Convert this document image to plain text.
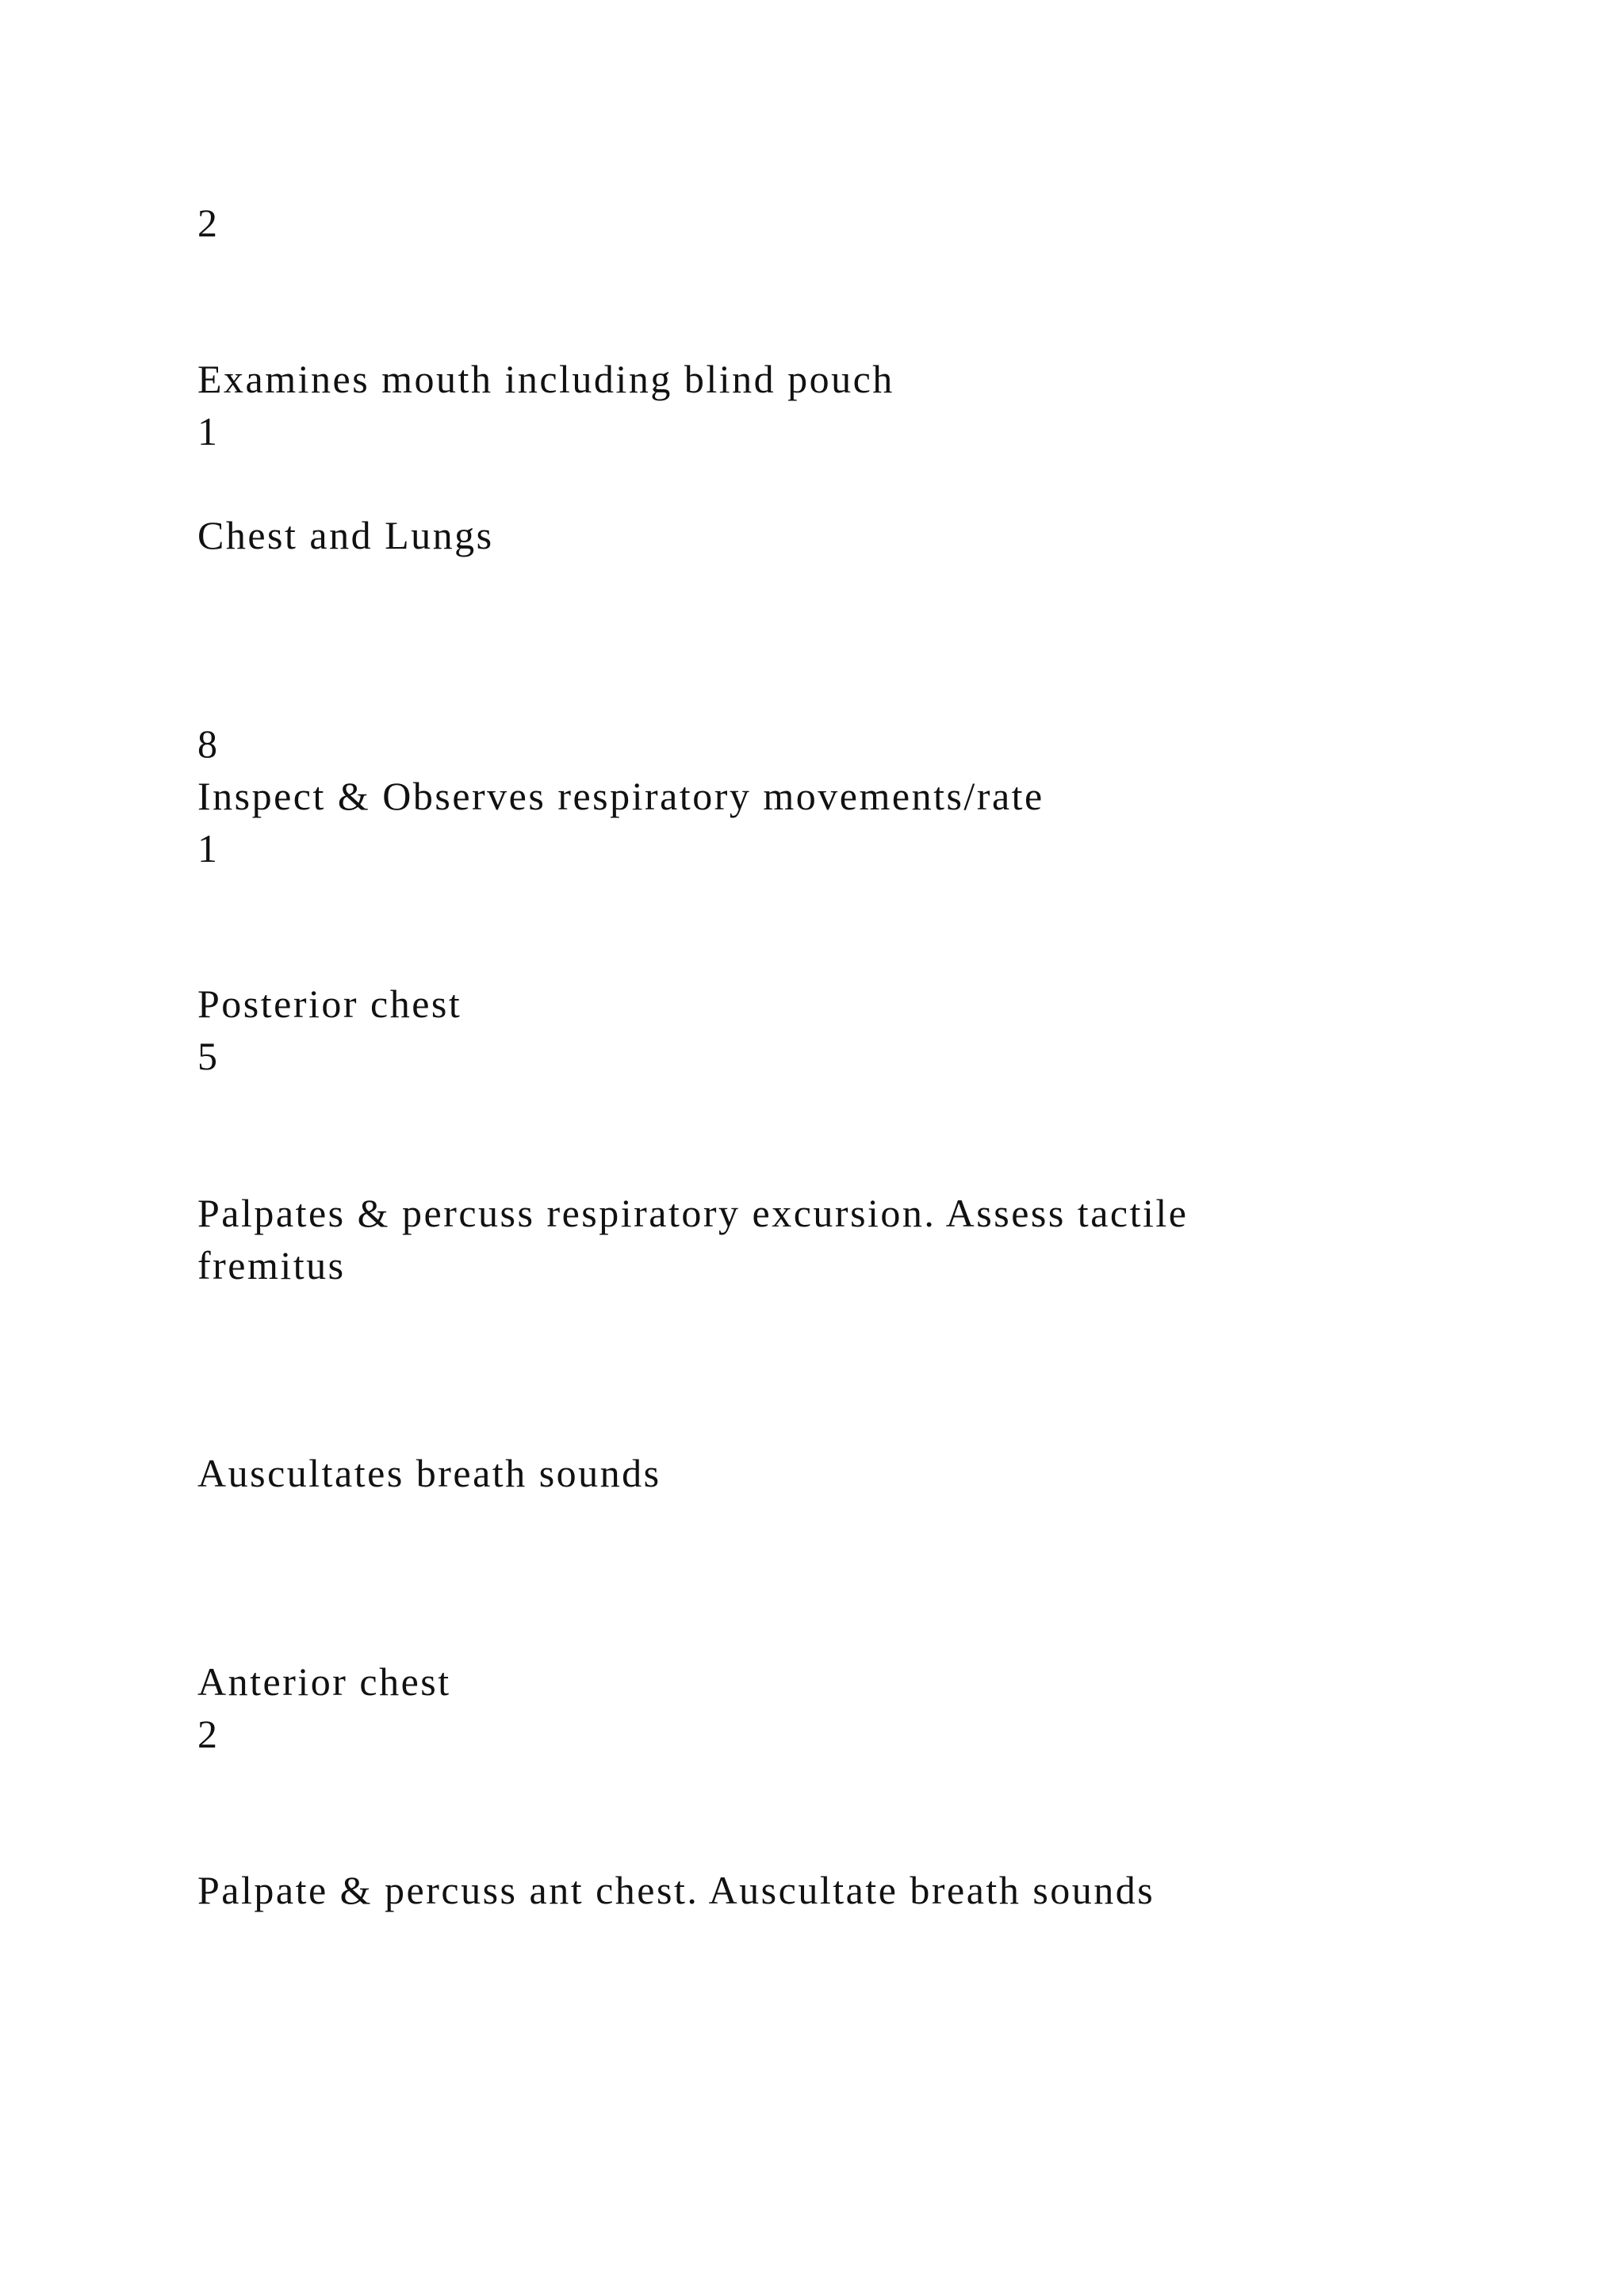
2

Examines mouth including blind pouch

1

Chest and Lungs

8

Inspect & Observes respiratory movements/rate

1

Posterior chest

5

Palpates & percuss respiratory excursion. Assess tactile

fremitus

Auscultates breath sounds

Anterior chest

2

Palpate & percuss ant chest. Auscultate breath sounds
